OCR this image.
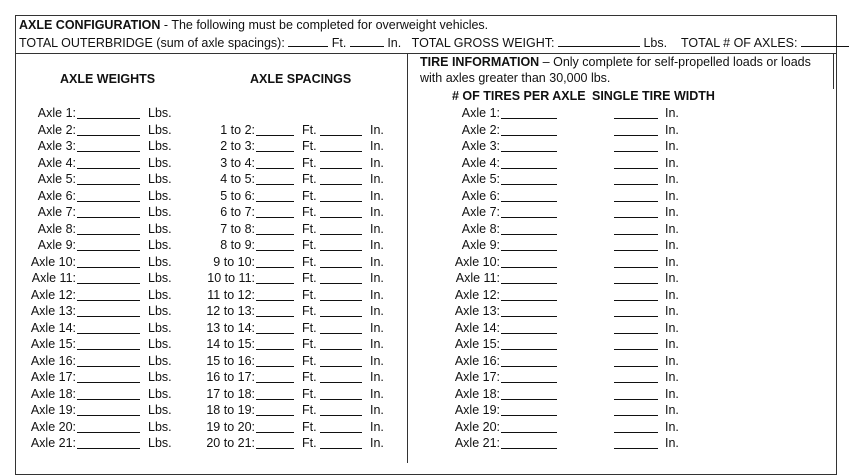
AXLE CONFIGURATION - The following must be completed for overweight vehicles.
TOTAL OUTERBRIDGE (sum of axle spacings):	Ft.	In. TOTAL GROSS WEIGHT:	Lbs. TOTAL # OF AXLES:
AXLE WEIGHTS	AXLE SPACINGS
TIRE INFORMATION – Only complete for self-propelled loads or loads with axles greater than 30,000 lbs.
# OF TIRES PER AXLE SINGLE TIRE WIDTH
Axle 1:	Lbs.	Axle 1:	In.
Axle 2:	Lbs.	1 to 2:	Ft.	In.	Axle 2:	In.
Axle 3:	Lbs.	2 to 3:	Ft.	In.	Axle 3:	In.
Axle 4:	Lbs.	3 to 4:	Ft.	In.	Axle 4:	In.
Axle 5:	Lbs.	4 to 5:	Ft.	In.	Axle 5:	In.
Axle 6:	Lbs.	5 to 6:	Ft.	In.	Axle 6:	In.
Axle 7:	Lbs.	6 to 7:	Ft.	In.	Axle 7:	In.
Axle 8:	Lbs.	7 to 8:	Ft.	In.	Axle 8:	In.
Axle 9:	Lbs.	8 to 9:	Ft.	In.	Axle 9:	In.
Axle 10:	Lbs.	9 to 10:	Ft.	In.	Axle 10:	In.
Axle 11:	Lbs.	10 to 11:	Ft.	In.	Axle 11:	In.
Axle 12:	Lbs.	11 to 12:	Ft.	In.	Axle 12:	In.
Axle 13:	Lbs.	12 to 13:	Ft.	In.	Axle 13:	In.
Axle 14:	Lbs.	13 to 14:	Ft.	In.	Axle 14:	In.
Axle 15:	Lbs.	14 to 15:	Ft.	In.	Axle 15:	In.
Axle 16:	Lbs.	15 to 16:	Ft.	In.	Axle 16:	In.
Axle 17:	Lbs.	16 to 17:	Ft.	In.	Axle 17:	In.
Axle 18:	Lbs.	17 to 18:	Ft.	In.	Axle 18:	In.
Axle 19:	Lbs.	18 to 19:	Ft.	In.	Axle 19:	In.
Axle 20:	Lbs.	19 to 20:	Ft.	In.	Axle 20:	In.
Axle 21:	Lbs.	20 to 21:	Ft.	In.	Axle 21:	In.
